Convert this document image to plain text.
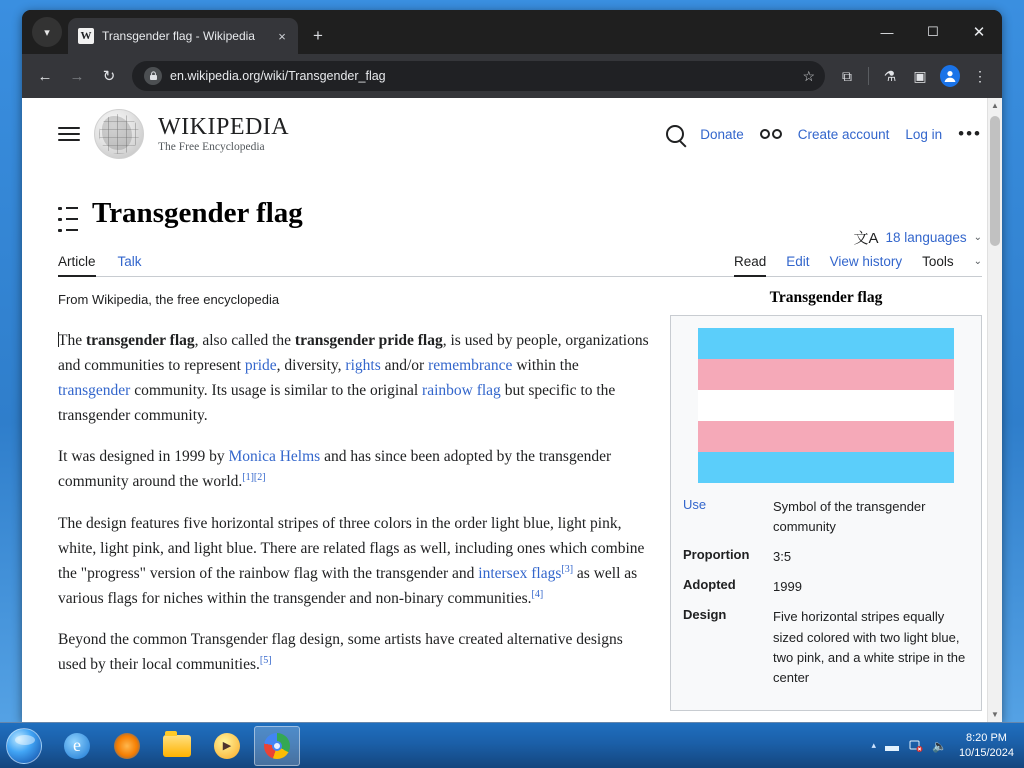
▾	W Transgender flag - Wikipedia	×	+	—	☐	✕
←	→	↻	en.wikipedia.org/wiki/Transgender_flag	☆	⧉	⚗	▣	⋮
WIKIPEDIA
The Free Encyclopedia
Donate	Create account Log in •••
Transgender flag
文A 18 languages ⌄
Article Talk	Read Edit View history Tools ⌄

From Wikipedia, the free encyclopedia

The transgender flag, also called the transgender pride flag, is used by people, organizations and communities to represent pride, diversity, rights and/or remembrance within the transgender community. Its usage is similar to the original rainbow flag but specific to the transgender community.

It was designed in 1999 by Monica Helms and has since been adopted by the transgender community around the world.[1][2]

The design features five horizontal stripes of three colors in the order light blue, light pink, white, light pink, and light blue. There are related flags as well, including ones which combine the "progress" version of the rainbow flag with the transgender and intersex flags[3] as well as various flags for niches within the transgender and non-binary communities.[4]

Beyond the common Transgender flag design, some artists have created alternative designs used by their local communities.[5]

Transgender flag
Use	Symbol of the transgender community
Proportion	3:5
Adopted	1999
Design	Five horizontal stripes equally sized colored with two light blue, two pink, and a white stripe in the center
▲
▼
e
▶	▴	🔈
8:20 PM
10/15/2024
